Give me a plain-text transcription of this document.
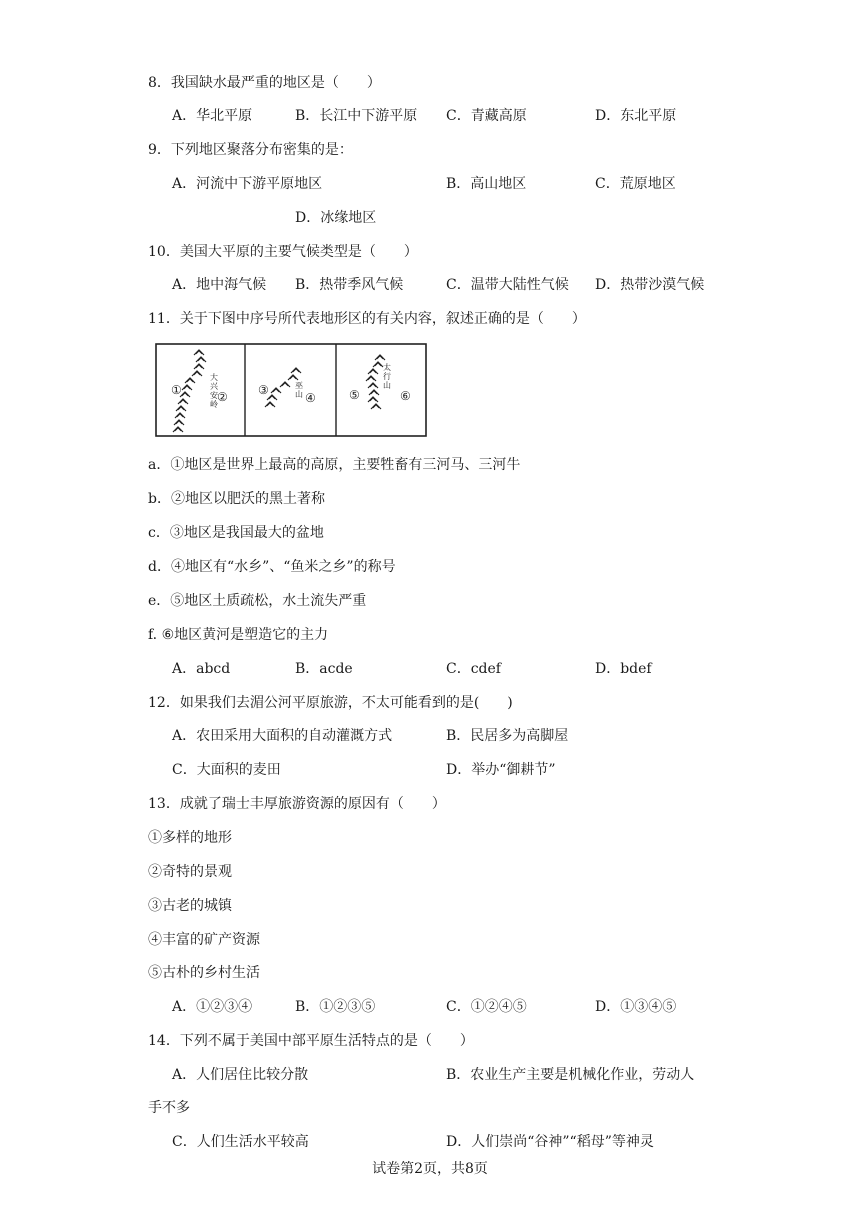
8．我国缺水最严重的地区是（　　）
A．华北平原	B．长江中下游平原 C．青藏高原	D．东北平原
9．下列地区聚落分布密集的是：
A．河流中下游平原地区	B．高山地区	C．荒原地区
D．冰缘地区
10．美国大平原的主要气候类型是（　　）
A．地中海气候 B．热带季风气候	C．温带大陆性气候 D．热带沙漠气候
11．关于下图中序号所代表地形区的有关内容，叙述正确的是（　　）
①	②
大兴安岭
③
④
巫山	⑤	⑥
太行山
a．①地区是世界上最高的高原，主要牲畜有三河马、三河牛
b．②地区以肥沃的黑土著称
c．③地区是我国最大的盆地
d．④地区有“水乡”、“鱼米之乡”的称号
e．⑤地区土质疏松，水土流失严重
f. ⑥地区黄河是塑造它的主力
A．abcd	B．acde	C．cdef	D．bdef
12．如果我们去湄公河平原旅游，不太可能看到的是(　　)
A．农田采用大面积的自动灌溉方式	B．民居多为高脚屋
C．大面积的麦田	D．举办“御耕节”
13．成就了瑞士丰厚旅游资源的原因有（　　）
①多样的地形
②奇特的景观
③古老的城镇
④丰富的矿产资源
⑤古朴的乡村生活
A．①②③④	B．①②③⑤	C．①②④⑤	D．①③④⑤
14．下列不属于美国中部平原生活特点的是（　　）
A．人们居住比较分散	B．农业生产主要是机械化作业，劳动人
手不多
C．人们生活水平较高	D．人们崇尚“谷神”“稻母”等神灵
试卷第2页，共8页
